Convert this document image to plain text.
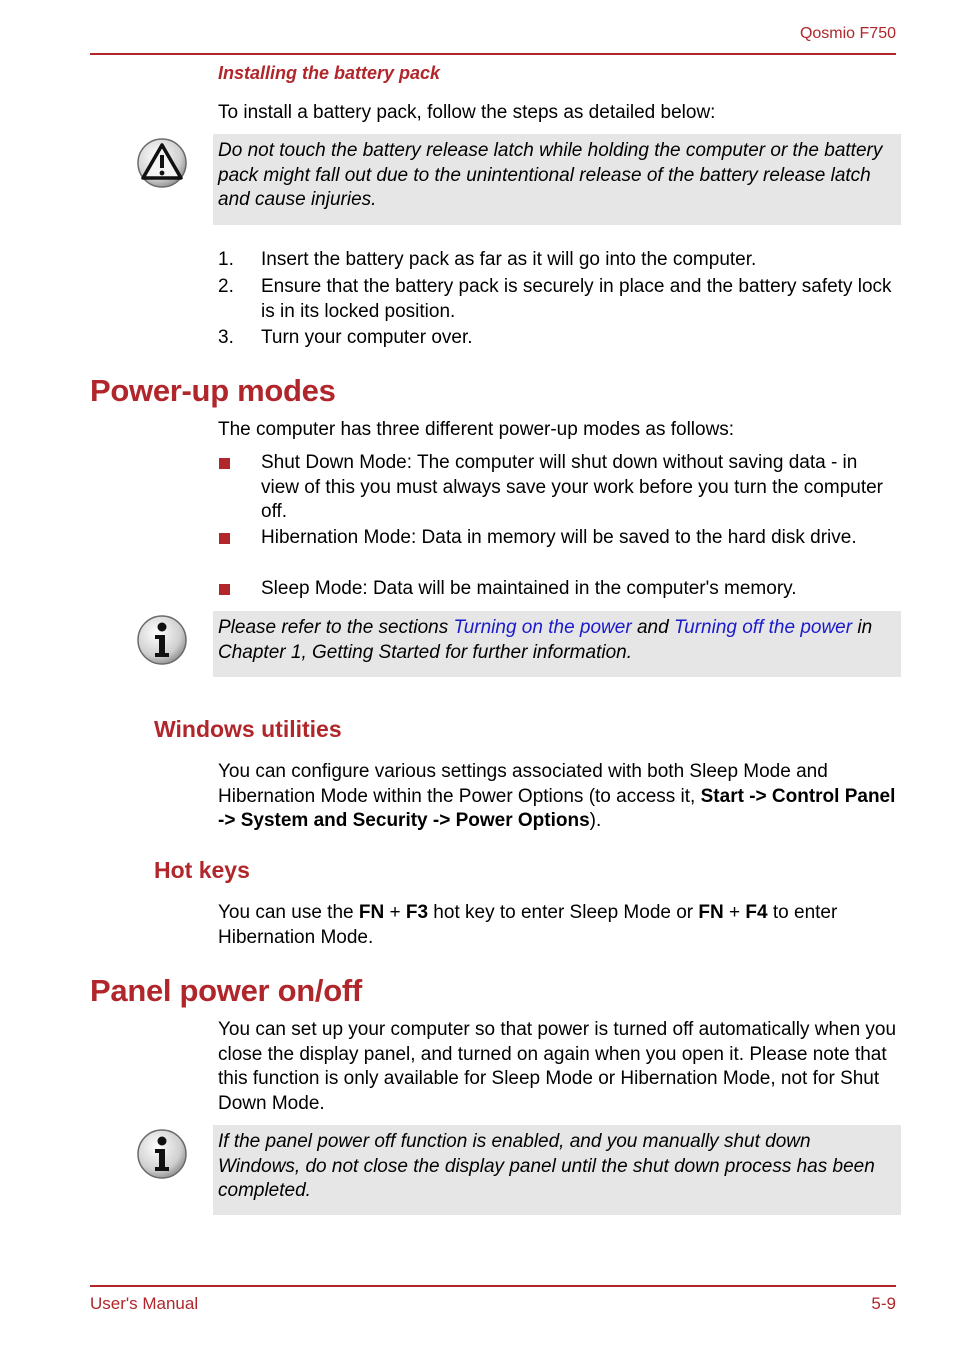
Qosmio F750
Installing the battery pack
To install a battery pack, follow the steps as detailed below:
Do not touch the battery release latch while holding the computer or the battery pack might fall out due to the unintentional release of the battery release latch and cause injuries.
1. Insert the battery pack as far as it will go into the computer.
2. Ensure that the battery pack is securely in place and the battery safety lock is in its locked position.
3. Turn your computer over.
Power-up modes
The computer has three different power-up modes as follows:
Shut Down Mode: The computer will shut down without saving data - in view of this you must always save your work before you turn the computer off.
Hibernation Mode: Data in memory will be saved to the hard disk drive.
Sleep Mode: Data will be maintained in the computer's memory.
Please refer to the sections Turning on the power and Turning off the power in Chapter 1, Getting Started for further information.
Windows utilities
You can configure various settings associated with both Sleep Mode and Hibernation Mode within the Power Options (to access it, Start -> Control Panel -> System and Security -> Power Options).
Hot keys
You can use the FN + F3 hot key to enter Sleep Mode or FN + F4 to enter Hibernation Mode.
Panel power on/off
You can set up your computer so that power is turned off automatically when you close the display panel, and turned on again when you open it. Please note that this function is only available for Sleep Mode or Hibernation Mode, not for Shut Down Mode.
If the panel power off function is enabled, and you manually shut down Windows, do not close the display panel until the shut down process has been completed.
User's Manual	5-9
